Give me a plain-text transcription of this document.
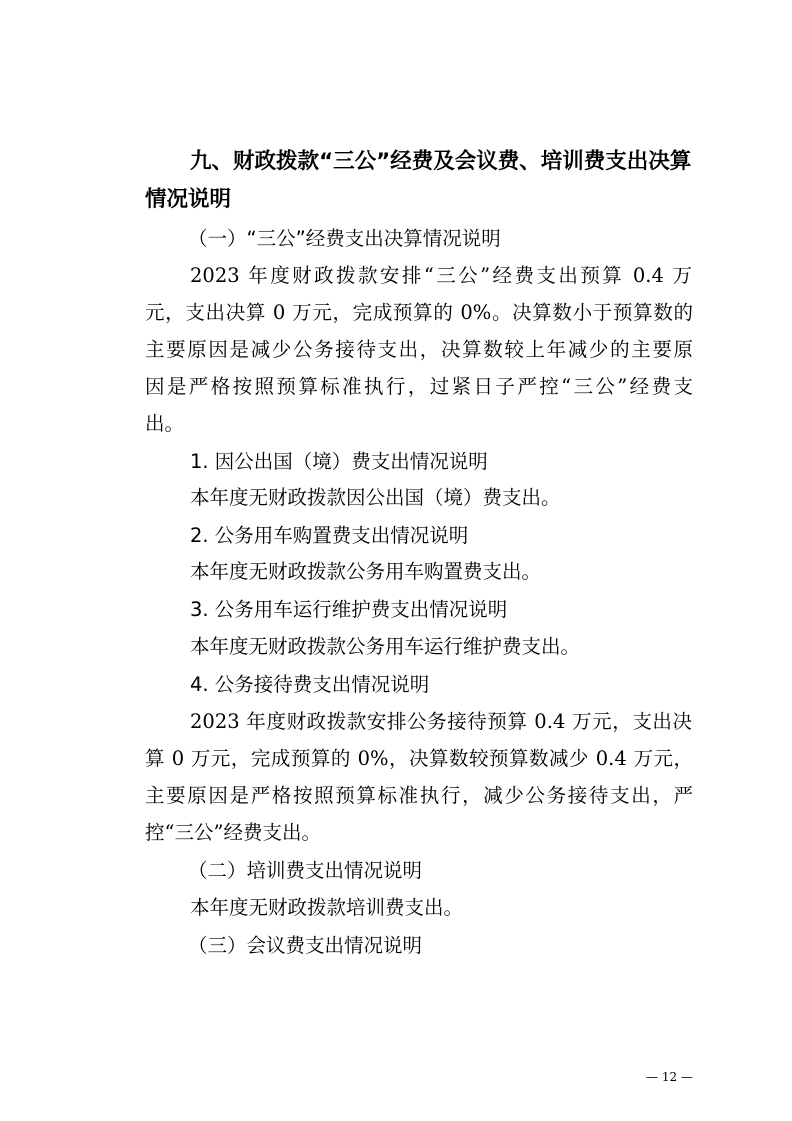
九、财政拨款“三公”经费及会议费、培训费支出决算
情况说明
（一）“三公”经费支出决算情况说明
2023 年度财政拨款安排“三公”经费支出预算 0.4 万
元，支出决算 0 万元，完成预算的 0%。决算数小于预算数的
主要原因是减少公务接待支出，决算数较上年减少的主要原
因是严格按照预算标准执行，过紧日子严控“三公”经费支
出。
1. 因公出国（境）费支出情况说明
本年度无财政拨款因公出国（境）费支出。
2. 公务用车购置费支出情况说明
本年度无财政拨款公务用车购置费支出。
3. 公务用车运行维护费支出情况说明
本年度无财政拨款公务用车运行维护费支出。
4. 公务接待费支出情况说明
2023 年度财政拨款安排公务接待预算 0.4 万元，支出决
算 0 万元，完成预算的 0%，决算数较预算数减少 0.4 万元，
主要原因是严格按照预算标准执行，减少公务接待支出，严
控“三公”经费支出。
（二）培训费支出情况说明
本年度无财政拨款培训费支出。
（三）会议费支出情况说明
— 12 —
